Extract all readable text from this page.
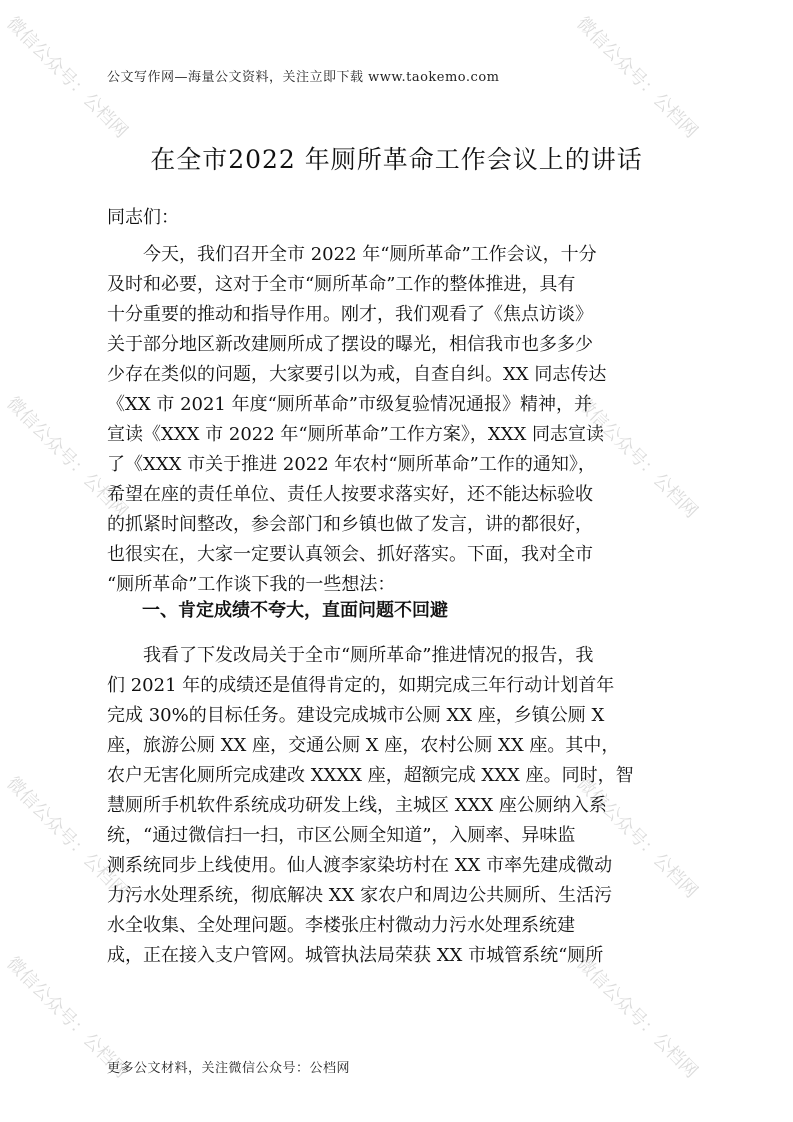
微信公众号：公档网	微信公众号：公档网
微信公众号：公档网	微信公众号：公档网
微信公众号：公档网	微信公众号：公档网
微信公众号：公档网	微信公众号：公档网
公文写作网—海量公文资料，关注立即下载 www.taokemo.com
在全市2022 年厕所革命工作会议上的讲话
同志们：
　　今天，我们召开全市 2022 年“厕所革命”工作会议，十分
及时和必要，这对于全市“厕所革命”工作的整体推进，具有
十分重要的推动和指导作用。刚才，我们观看了《焦点访谈》
关于部分地区新改建厕所成了摆设的曝光，相信我市也多多少
少存在类似的问题，大家要引以为戒，自查自纠。XX 同志传达
《XX 市 2021 年度“厕所革命”市级复验情况通报》精神，并
宣读《XXX 市 2022 年“厕所革命”工作方案》，XXX 同志宣读
了《XXX 市关于推进 2022 年农村“厕所革命”工作的通知》，
希望在座的责任单位、责任人按要求落实好，还不能达标验收
的抓紧时间整改，参会部门和乡镇也做了发言，讲的都很好，
也很实在，大家一定要认真领会、抓好落实。下面，我对全市
“厕所革命”工作谈下我的一些想法：
一、肯定成绩不夸大，直面问题不回避
　　我看了下发改局关于全市“厕所革命”推进情况的报告，我
们 2021 年的成绩还是值得肯定的，如期完成三年行动计划首年
完成 30%的目标任务。建设完成城市公厕 XX 座，乡镇公厕 X
座，旅游公厕 XX 座，交通公厕 X 座，农村公厕 XX 座。其中，
农户无害化厕所完成建改 XXXX 座，超额完成 XXX 座。同时，智
慧厕所手机软件系统成功研发上线，主城区 XXX 座公厕纳入系
统，“通过微信扫一扫，市区公厕全知道”，入厕率、异味监
测系统同步上线使用。仙人渡李家染坊村在 XX 市率先建成微动
力污水处理系统，彻底解决 XX 家农户和周边公共厕所、生活污
水全收集、全处理问题。李楼张庄村微动力污水处理系统建
成，正在接入支户管网。城管执法局荣获 XX 市城管系统“厕所
更多公文材料，关注微信公众号：公档网
